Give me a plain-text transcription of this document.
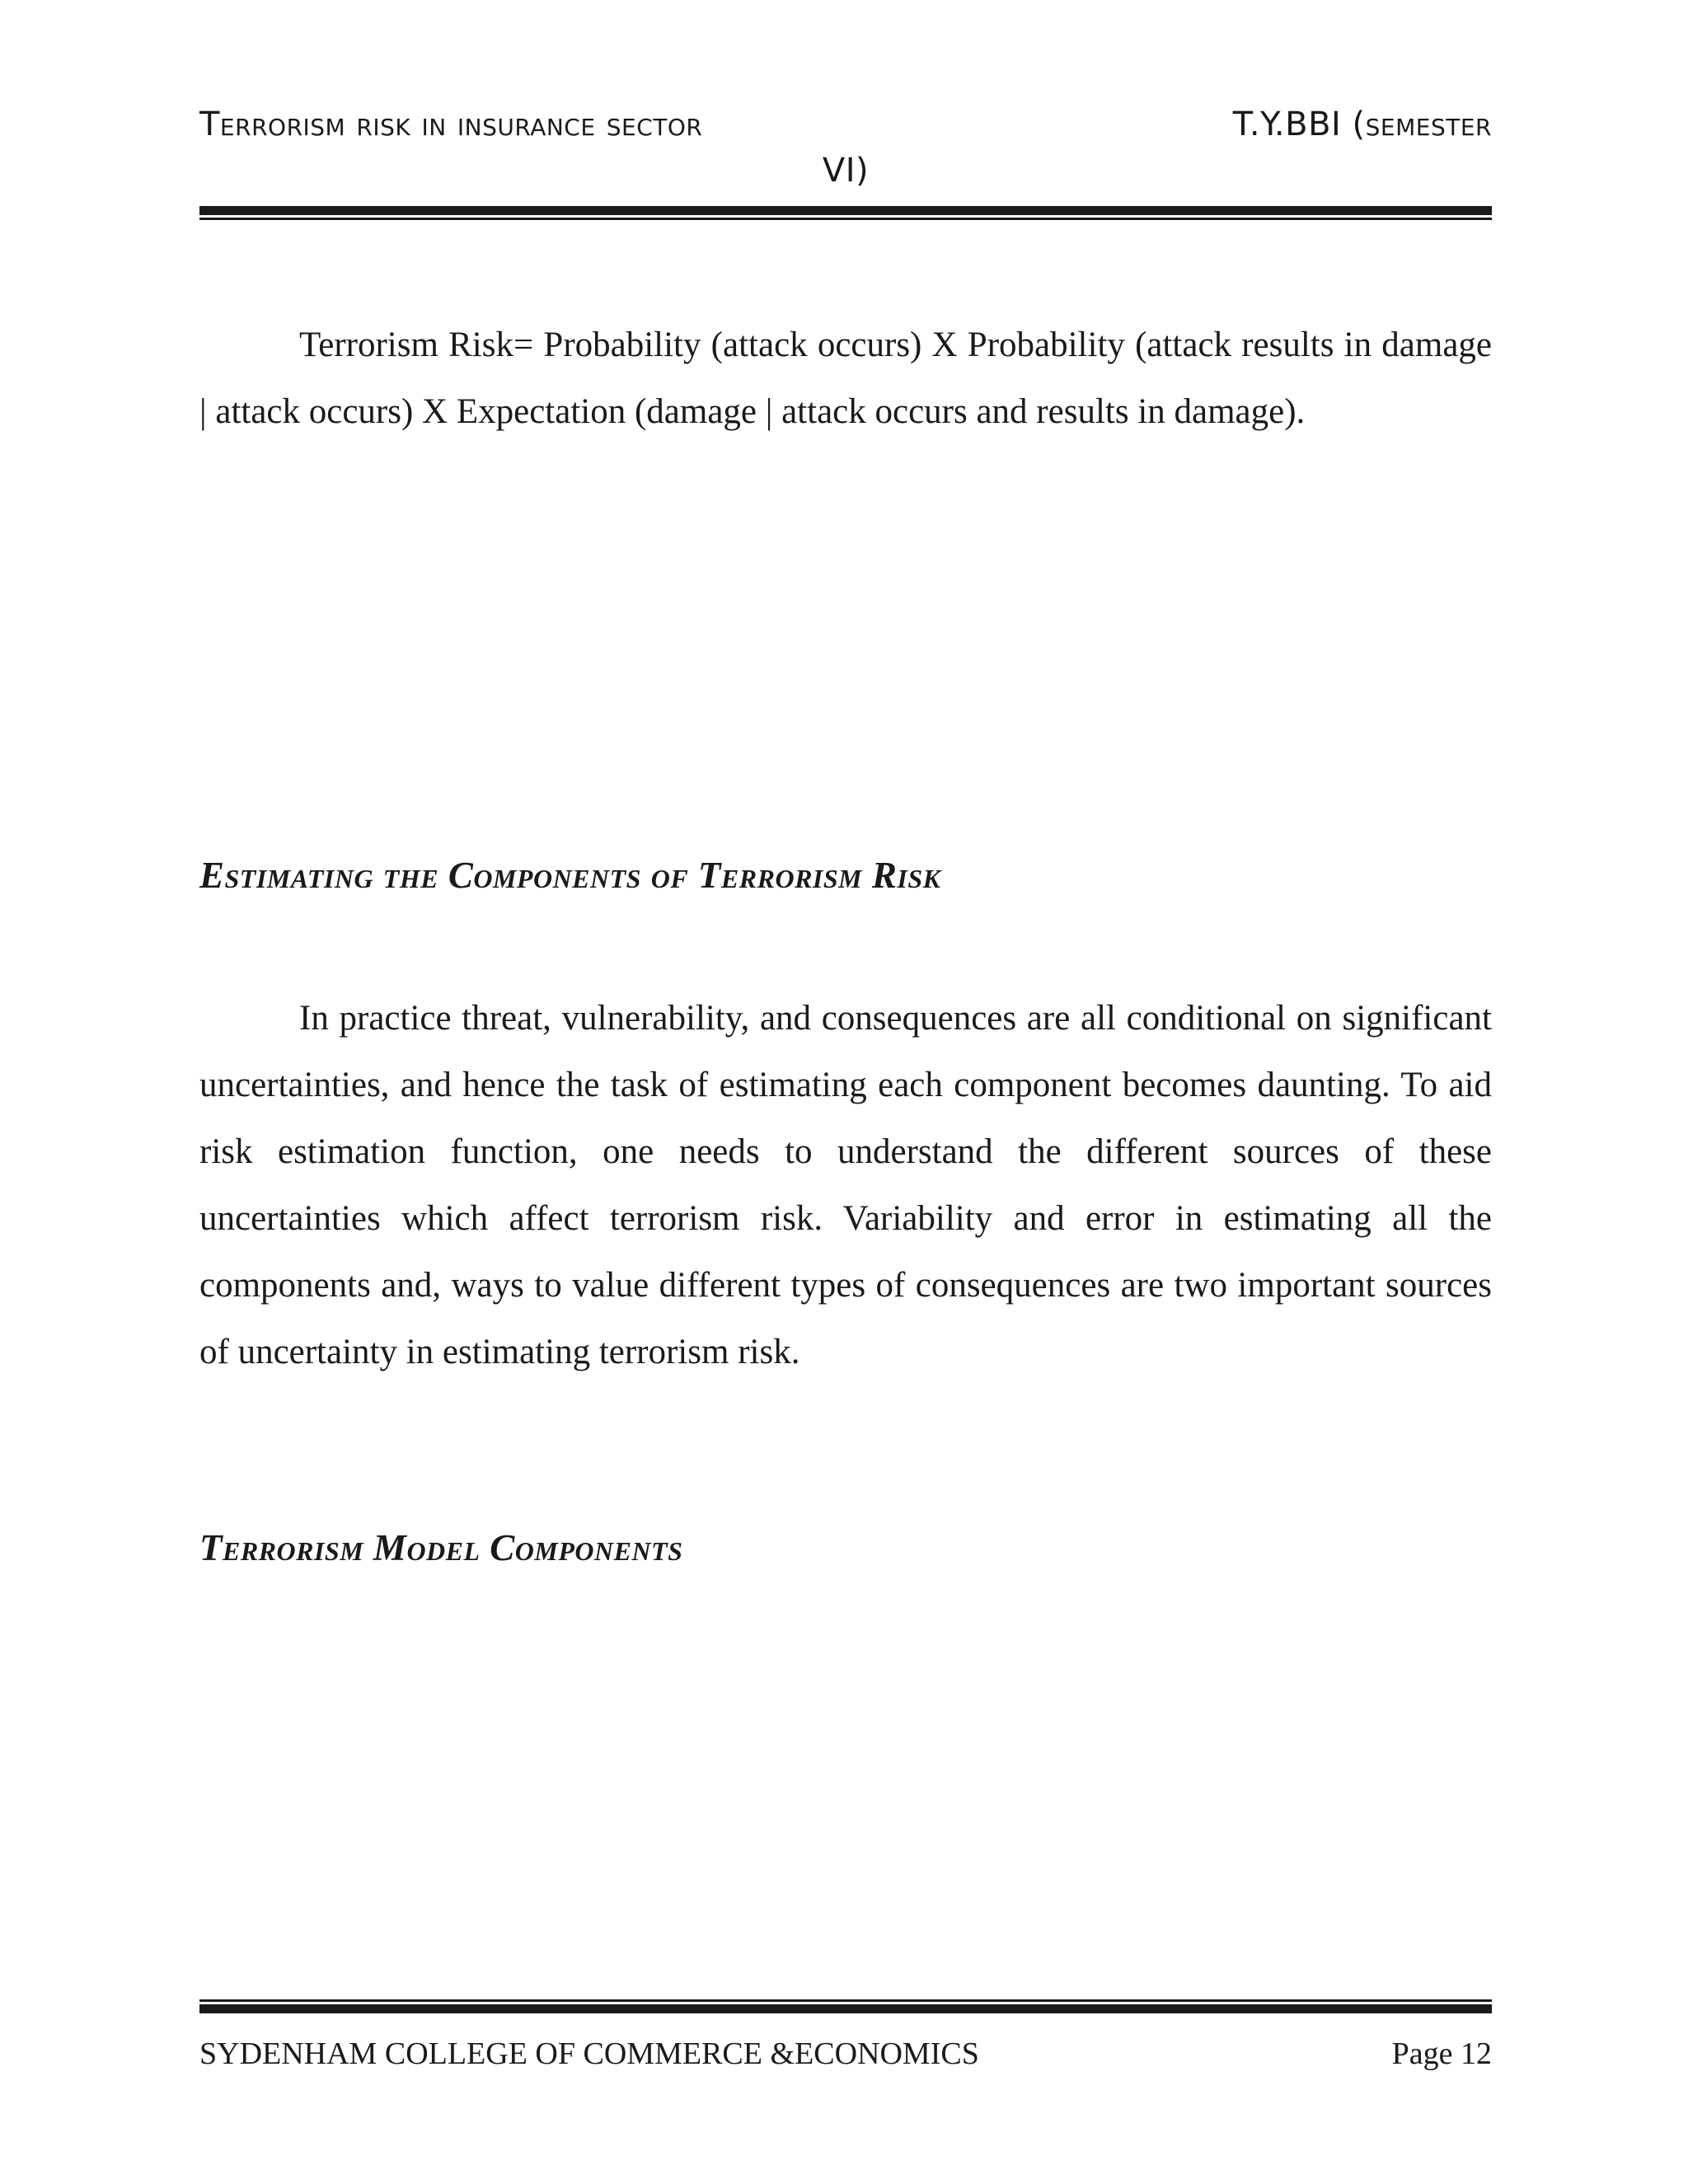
Terrorism risk in insurance sector	T.Y.BBI (semester
VI)

Terrorism Risk= Probability (attack occurs) X Probability (attack results in damage | attack occurs) X Expectation (damage | attack occurs and results in damage).

Estimating the Components of Terrorism Risk

In practice threat, vulnerability, and consequences are all conditional on significant uncertainties, and hence the task of estimating each component becomes daunting. To aid risk estimation function, one needs to understand the different sources of these uncertainties which affect terrorism risk. Variability and error in estimating all the components and, ways to value different types of consequences are two important sources of uncertainty in estimating terrorism risk.

Terrorism Model Components
SYDENHAM COLLEGE OF COMMERCE &ECONOMICS	Page 12
